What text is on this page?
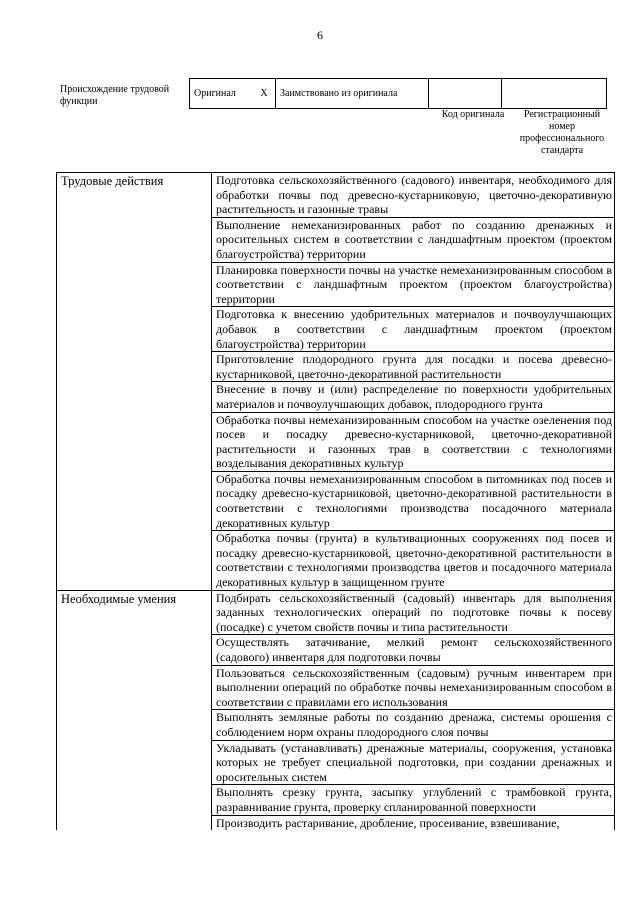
6
Происхождение трудовой функции
Оригинал	X	Заимствовано из оригинала		
Код оригинала	Регистрационный номер профессионального стандарта
Трудовые действия	Подготовка сельскохозяйственного (садового) инвентаря, необходимого для обработки почвы под древесно-кустарниковую, цветочно-декоративную растительность и газонные травы
	Выполнение немеханизированных работ по созданию дренажных и оросительных систем в соответствии с ландшафтным проектом (проектом благоустройства) территории
	Планировка поверхности почвы на участке немеханизированным способом в соответствии с ландшафтным проектом (проектом благоустройства) территории
	Подготовка к внесению удобрительных материалов и почвоулучшающих добавок в соответствии с ландшафтным проектом (проектом благоустройства) территории
	Приготовление плодородного грунта для посадки и посева древесно-кустарниковой, цветочно-декоративной растительности
	Внесение в почву и (или) распределение по поверхности удобрительных материалов и почвоулучшающих добавок, плодородного грунта
	Обработка почвы немеханизированным способом на участке озеленения под посев и посадку древесно-кустарниковой, цветочно-декоративной растительности и газонных трав в соответствии с технологиями возделывания декоративных культур
	Обработка почвы немеханизированным способом в питомниках под посев и посадку древесно-кустарниковой, цветочно-декоративной растительности в соответствии с технологиями производства посадочного материала декоративных культур
	Обработка почвы (грунта) в культивационных сооружениях под посев и посадку древесно-кустарниковой, цветочно-декоративной растительности в соответствии с технологиями производства цветов и посадочного материала декоративных культур в защищенном грунте
Необходимые умения	Подбирать сельскохозяйственный (садовый) инвентарь для выполнения заданных технологических операций по подготовке почвы к посеву (посадке) с учетом свойств почвы и типа растительности
	Осуществлять затачивание, мелкий ремонт сельскохозяйственного (садового) инвентаря для подготовки почвы
	Пользоваться сельскохозяйственным (садовым) ручным инвентарем при выполнении операций по обработке почвы немеханизированным способом в соответствии с правилами его использования
	Выполнять земляные работы по созданию дренажа, системы орошения с соблюдением норм охраны плодородного слоя почвы
	Укладывать (устанавливать) дренажные материалы, сооружения, установка которых не требует специальной подготовки, при создании дренажных и оросительных систем
	Выполнять срезку грунта, засыпку углублений с трамбовкой грунта, разравнивание грунта, проверку спланированной поверхности
	Производить растаривание, дробление, просеивание, взвешивание,
